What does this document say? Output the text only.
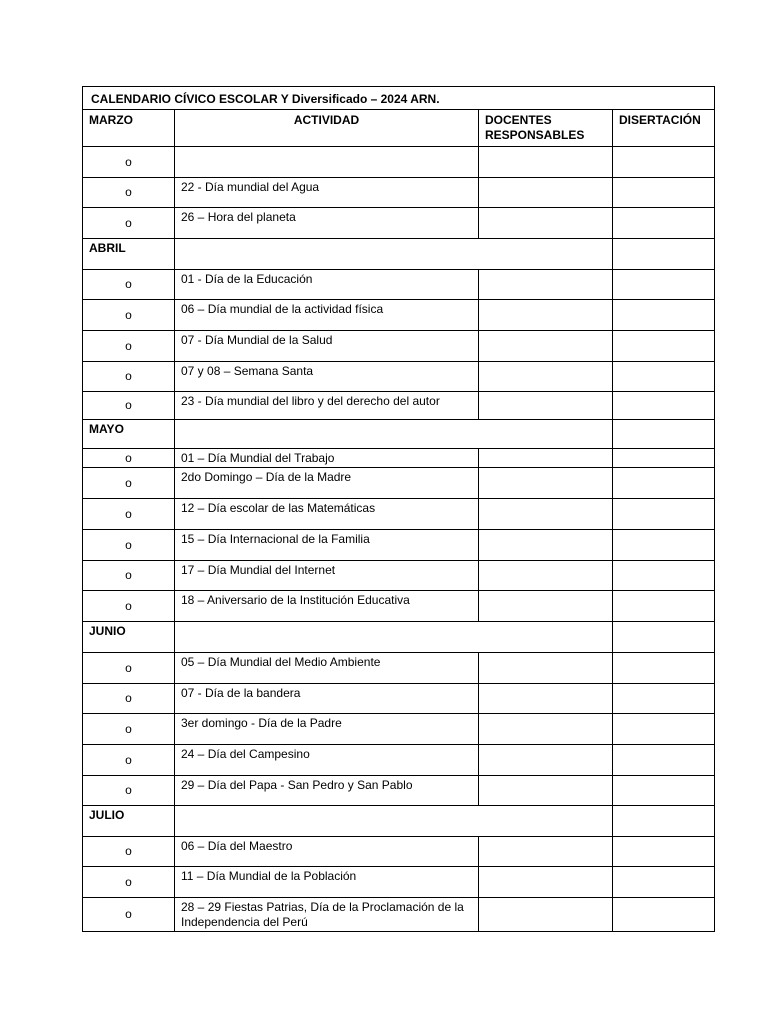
CALENDARIO CÍVICO ESCOLAR Y Diversificado – 2024 ARN.			
MARZO	ACTIVIDAD	DOCENTES RESPONSABLES	DISERTACIÓN
o			
o	22 - Día mundial del Agua		
o	26 – Hora del planeta		
ABRIL			
o	01 - Día de la Educación		
o	06 – Día mundial de la actividad física		
o	07 - Día Mundial de la Salud		
o	07 y 08 – Semana Santa		
o	23 - Día mundial del libro y del derecho del autor		
MAYO			
o	01 – Día Mundial del Trabajo		
o	2do Domingo – Día de la Madre		
o	12 – Día escolar de las Matemáticas		
o	15 – Día Internacional de la Familia		
o	17 – Día Mundial del Internet		
o	18 – Aniversario de la Institución Educativa		
JUNIO			
o	05 – Día Mundial del Medio Ambiente		
o	07 - Día de la bandera		
o	3er domingo - Día de la Padre		
o	24 – Día del Campesino		
o	29 – Día del Papa - San Pedro y San Pablo		
JULIO			
o	06 – Día del Maestro		
o	11 – Día Mundial de la Población		
o	28 – 29 Fiestas Patrias, Día de la Proclamación de la Independencia del Perú		
